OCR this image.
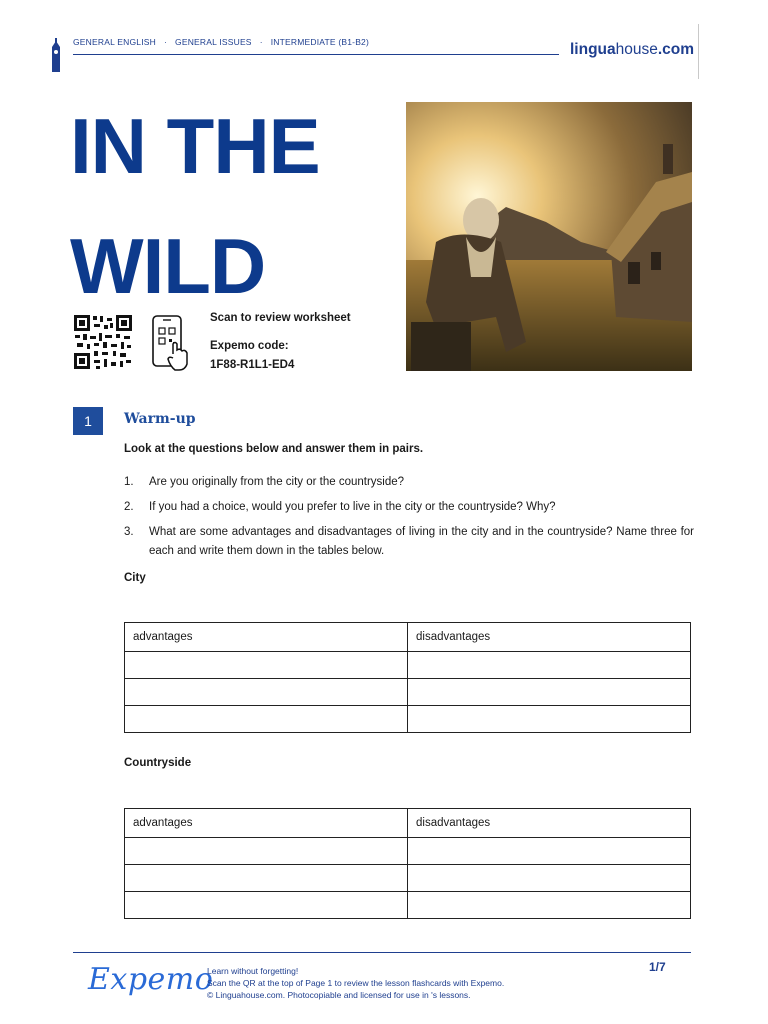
GENERAL ENGLISH · GENERAL ISSUES · INTERMEDIATE (B1-B2)	linguahouse.com
IN THE
WILD
Scan to review worksheet
Expemo code:
1F88-R1L1-ED4
1	Warm-up
Look at the questions below and answer them in pairs.
1.	Are you originally from the city or the countryside?
2.	If you had a choice, would you prefer to live in the city or the countryside? Why?
3.	What are some advantages and disadvantages of living in the city and in the countryside? Name three for each and write them down in the tables below.
City
advantages	disadvantages

Countryside
advantages	disadvantages

Expemo
Learn without forgetting!
Scan the QR at the top of Page 1 to review the lesson flashcards with Expemo.
© Linguahouse.com. Photocopiable and licensed for use in 's lessons.
1/7
